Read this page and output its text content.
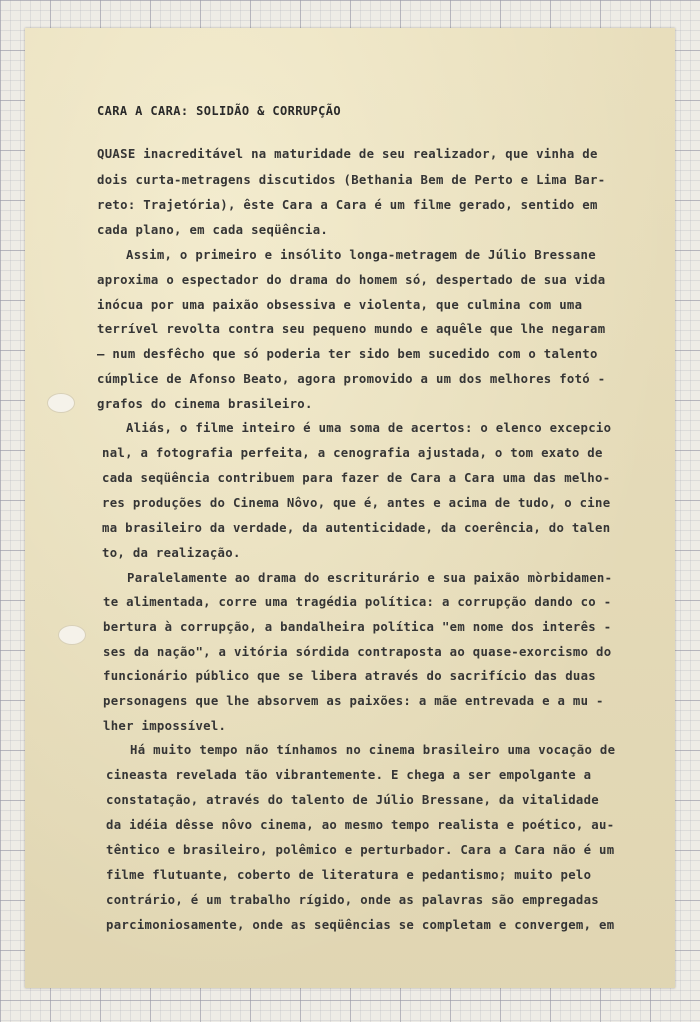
CARA A CARA: SOLIDÃO & CORRUPÇÃO
QUASE inacreditável na maturidade de seu realizador, que vinha de
dois curta-metragens discutidos (Bethania Bem de Perto e Lima Bar-
reto: Trajetória), êste Cara a Cara é um filme gerado, sentido em
cada plano, em cada seqüência.
Assim, o primeiro e insólito longa-metragem de Júlio Bressane
aproxima o espectador do drama do homem só, despertado de sua vida
inócua por uma paixão obsessiva e violenta, que culmina com uma
terrível revolta contra seu pequeno mundo e aquêle que lhe negaram
— num desfêcho que só poderia ter sido bem sucedido com o talento
cúmplice de Afonso Beato, agora promovido a um dos melhores fotó -
grafos do cinema brasileiro.
Aliás, o filme inteiro é uma soma de acertos: o elenco excepcio
nal, a fotografia perfeita, a cenografia ajustada, o tom exato de
cada seqüência contribuem para fazer de Cara a Cara uma das melho-
res produções do Cinema Nôvo, que é, antes e acima de tudo, o cine
ma brasileiro da verdade, da autenticidade, da coerência, do talen
to, da realização.
Paralelamente ao drama do escriturário e sua paixão mòrbidamen-
te alimentada, corre uma tragédia política: a corrupção dando co -
bertura à corrupção, a bandalheira política "em nome dos interês -
ses da nação", a vitória sórdida contraposta ao quase-exorcismo do
funcionário público que se libera através do sacrifício das duas
personagens que lhe absorvem as paixões: a mãe entrevada e a mu -
lher impossível.
Há muito tempo não tínhamos no cinema brasileiro uma vocação de
cineasta revelada tão vibrantemente. E chega a ser empolgante a
constatação, através do talento de Júlio Bressane, da vitalidade
da idéia dêsse nôvo cinema, ao mesmo tempo realista e poético, au-
têntico e brasileiro, polêmico e perturbador. Cara a Cara não é um
filme flutuante, coberto de literatura e pedantismo; muito pelo
contrário, é um trabalho rígido, onde as palavras são empregadas
parcimoniosamente, onde as seqüências se completam e convergem, em
